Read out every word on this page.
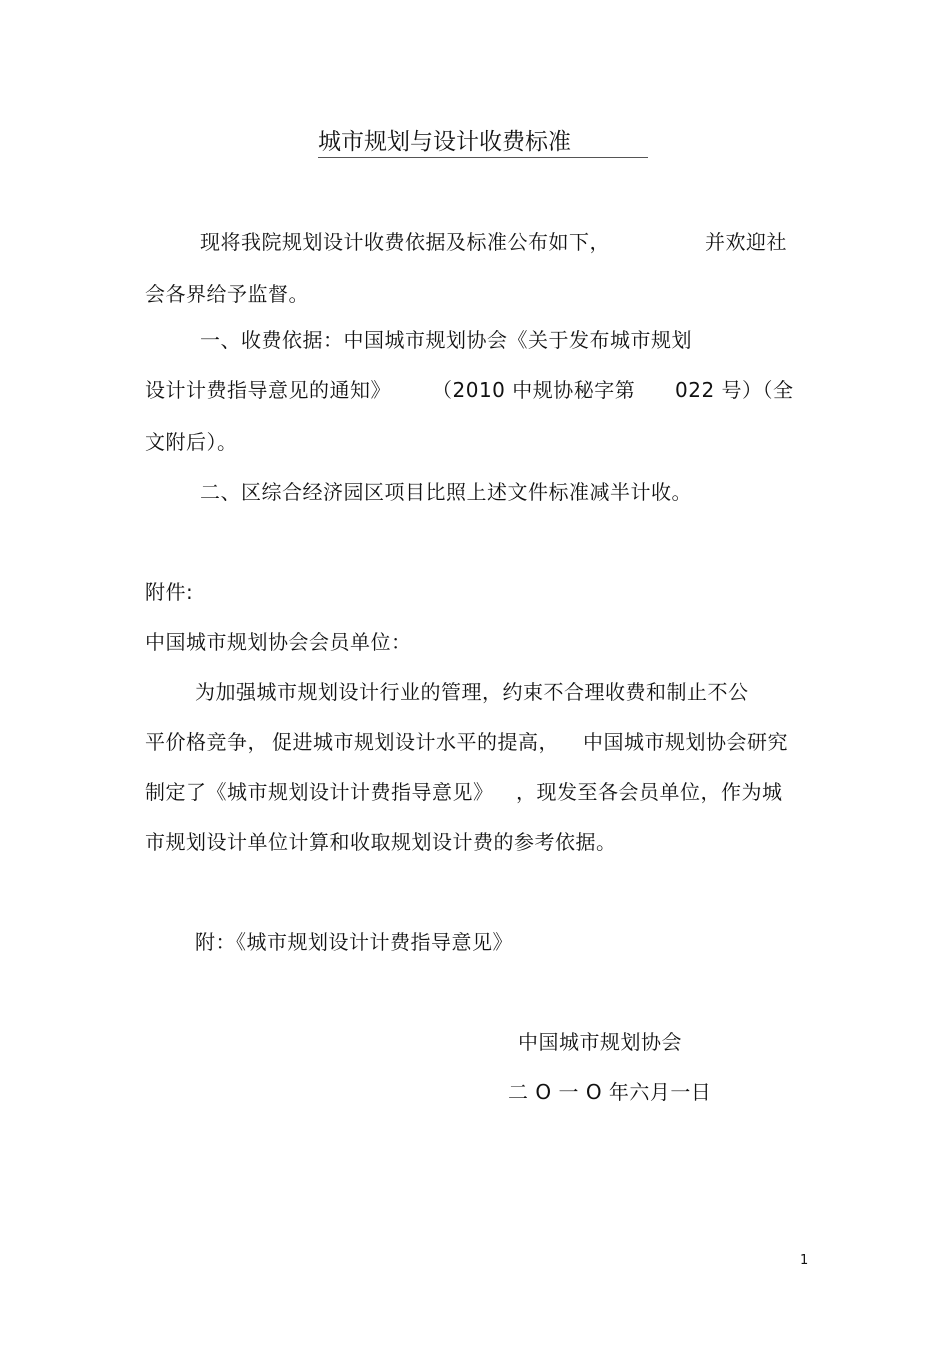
城市规划与设计收费标准
现将我院规划设计收费依据及标准公布如下，	并欢迎社
会各界给予监督。
一、收费依据：中国城市规划协会《关于发布城市规划
设计计费指导意见的通知》 （2010 中规协秘字第 022 号）（全
文附后）。
二、区综合经济园区项目比照上述文件标准减半计收。
附件:
中国城市规划协会会员单位：
为加强城市规划设计行业的管理，约束不合理收费和制止不公
平价格竞争， 促进城市规划设计水平的提高， 中国城市规划协会研究
制定了《城市规划设计计费指导意见》 ，现发至各会员单位，作为城
市规划设计单位计算和收取规划设计费的参考依据。
附：《城市规划设计计费指导意见》
中国城市规划协会
二 O 一 O 年六月一日
1
